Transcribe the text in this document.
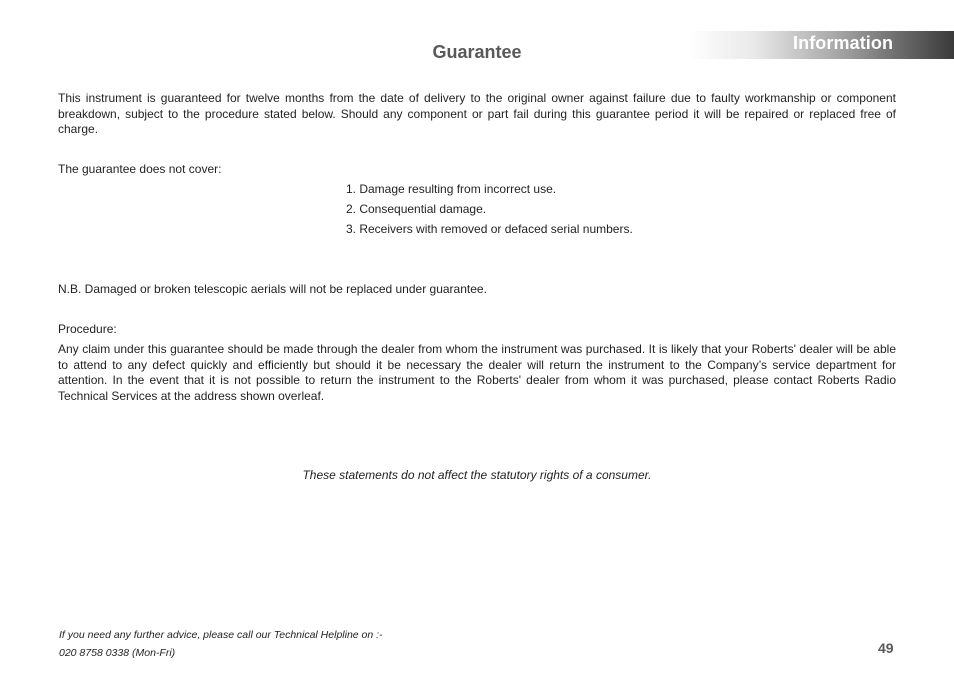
Information
Guarantee

This instrument is guaranteed for twelve months from the date of delivery to the original owner against failure due to faulty workmanship or component breakdown, subject to the procedure stated below. Should any component or part fail during this guarantee period it will be repaired or replaced free of charge.

The guarantee does not cover:

1. Damage resulting from incorrect use.
2. Consequential damage.
3. Receivers with removed or defaced serial numbers.

N.B. Damaged or broken telescopic aerials will not be replaced under guarantee.

Procedure:

Any claim under this guarantee should be made through the dealer from whom the instrument was purchased. It is likely that your Roberts' dealer will be able to attend to any defect quickly and efficiently but should it be necessary the dealer will return the instrument to the Company’s service department for attention. In the event that it is not possible to return the instrument to the Roberts' dealer from whom it was purchased, please contact Roberts Radio Technical Services at the address shown overleaf.

These statements do not affect the statutory rights of a consumer.
If you need any further advice, please call our Technical Helpline on :-
020 8758 0338 (Mon-Fri)	49
